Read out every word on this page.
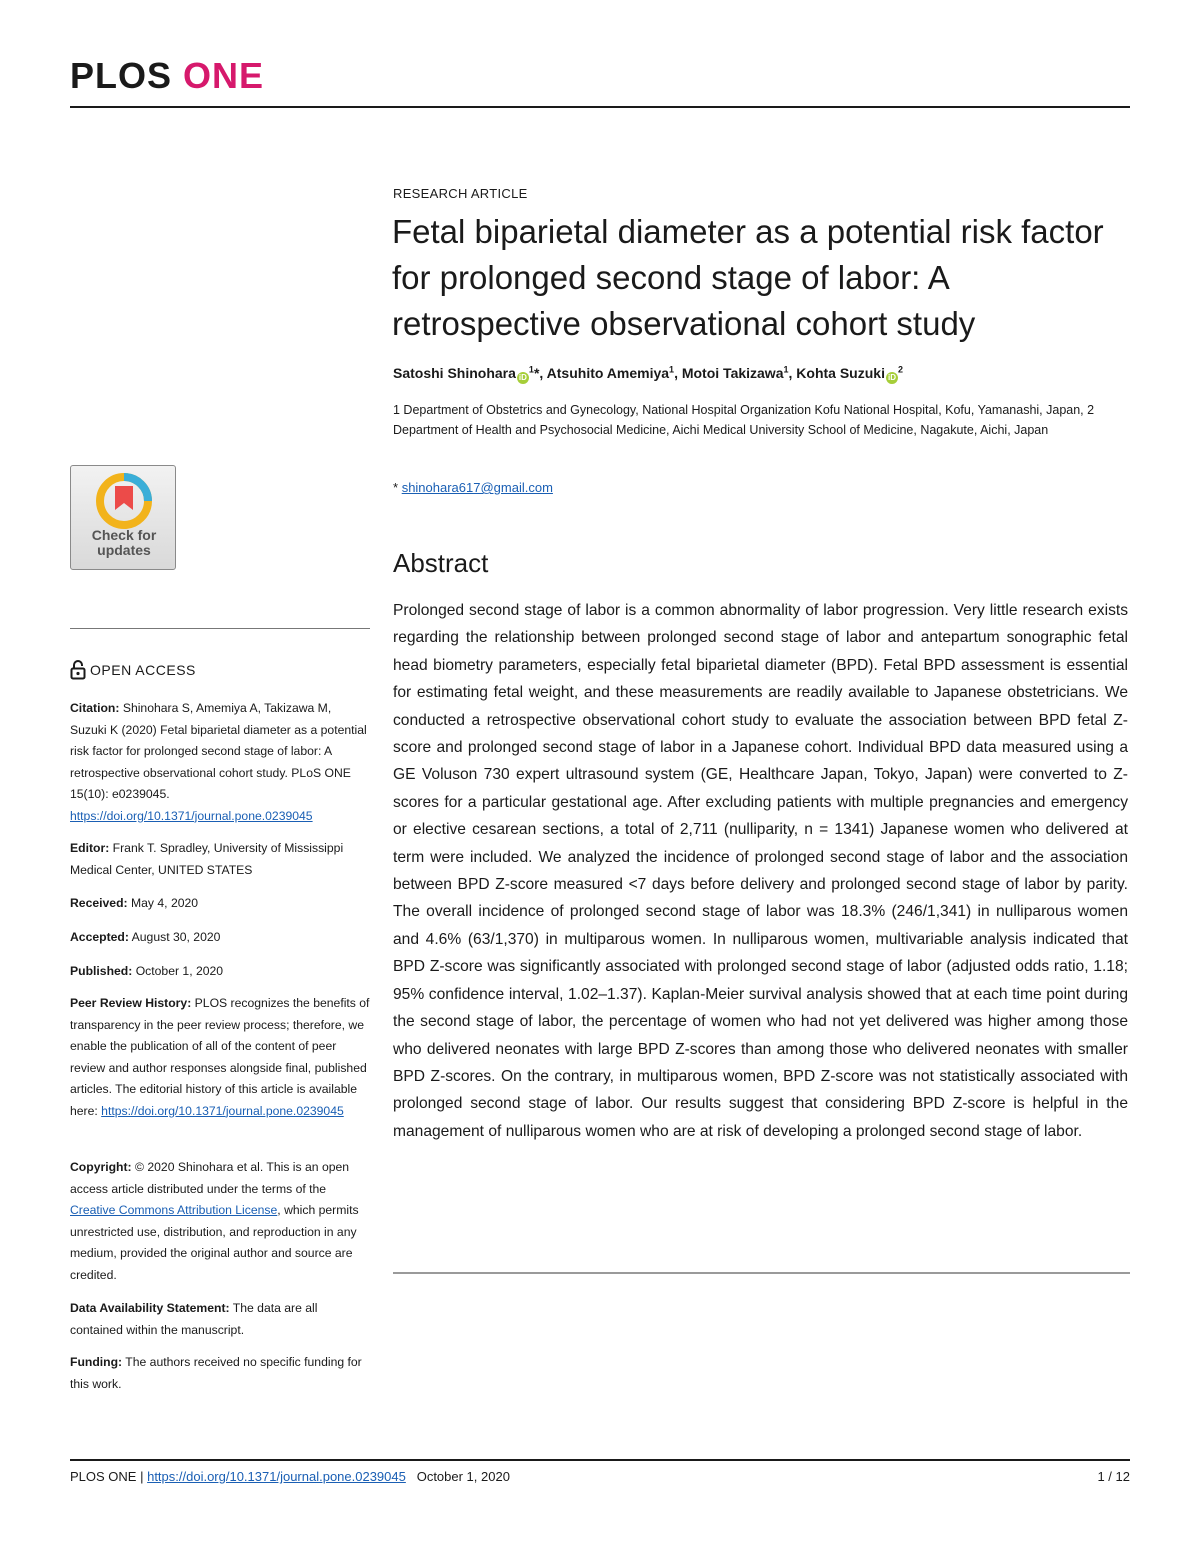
PLOS ONE
Check for
updates
OPEN ACCESS
Citation: Shinohara S, Amemiya A, Takizawa M, Suzuki K (2020) Fetal biparietal diameter as a potential risk factor for prolonged second stage of labor: A retrospective observational cohort study. PLoS ONE 15(10): e0239045. https://doi.org/10.1371/journal.pone.0239045
Editor: Frank T. Spradley, University of Mississippi Medical Center, UNITED STATES
Received: May 4, 2020
Accepted: August 30, 2020
Published: October 1, 2020
Peer Review History: PLOS recognizes the benefits of transparency in the peer review process; therefore, we enable the publication of all of the content of peer review and author responses alongside final, published articles. The editorial history of this article is available here: https://doi.org/10.1371/journal.pone.0239045
Copyright: © 2020 Shinohara et al. This is an open access article distributed under the terms of the Creative Commons Attribution License, which permits unrestricted use, distribution, and reproduction in any medium, provided the original author and source are credited.
Data Availability Statement: The data are all contained within the manuscript.
Funding: The authors received no specific funding for this work.
RESEARCH ARTICLE
Fetal biparietal diameter as a potential risk factor for prolonged second stage of labor: A retrospective observational cohort study
Satoshi Shinohara $iD^1*$, Atsuhito Amemiya$^1$, Motoi Takizawa$^1$, Kohta Suzuki $iD^2$
1 Department of Obstetrics and Gynecology, National Hospital Organization Kofu National Hospital, Kofu, Yamanashi, Japan, 2 Department of Health and Psychosocial Medicine, Aichi Medical University School of Medicine, Nagakute, Aichi, Japan
* shinohara617@gmail.com
Abstract
Prolonged second stage of labor is a common abnormality of labor progression. Very little research exists regarding the relationship between prolonged second stage of labor and antepartum sonographic fetal head biometry parameters, especially fetal biparietal diameter (BPD). Fetal BPD assessment is essential for estimating fetal weight, and these measurements are readily available to Japanese obstetricians. We conducted a retrospective observational cohort study to evaluate the association between BPD fetal Z-score and prolonged second stage of labor in a Japanese cohort. Individual BPD data measured using a GE Voluson 730 expert ultrasound system (GE, Healthcare Japan, Tokyo, Japan) were converted to Z-scores for a particular gestational age. After excluding patients with multiple pregnancies and emergency or elective cesarean sections, a total of 2,711 (nulliparity, n = 1341) Japanese women who delivered at term were included. We analyzed the incidence of prolonged second stage of labor and the association between BPD Z-score measured <7 days before delivery and prolonged second stage of labor by parity. The overall incidence of prolonged second stage of labor was 18.3% (246/1,341) in nulliparous women and 4.6% (63/1,370) in multiparous women. In nulliparous women, multivariable analysis indicated that BPD Z-score was significantly associated with prolonged second stage of labor (adjusted odds ratio, 1.18; 95% confidence interval, 1.02–1.37). Kaplan-Meier survival analysis showed that at each time point during the second stage of labor, the percentage of women who had not yet delivered was higher among those who delivered neonates with large BPD Z-scores than among those who delivered neonates with smaller BPD Z-scores. On the contrary, in multiparous women, BPD Z-score was not statistically associated with prolonged second stage of labor. Our results suggest that considering BPD Z-score is helpful in the management of nulliparous women who are at risk of developing a prolonged second stage of labor.
PLOS ONE | https://doi.org/10.1371/journal.pone.0239045 October 1, 2020	1 / 12
